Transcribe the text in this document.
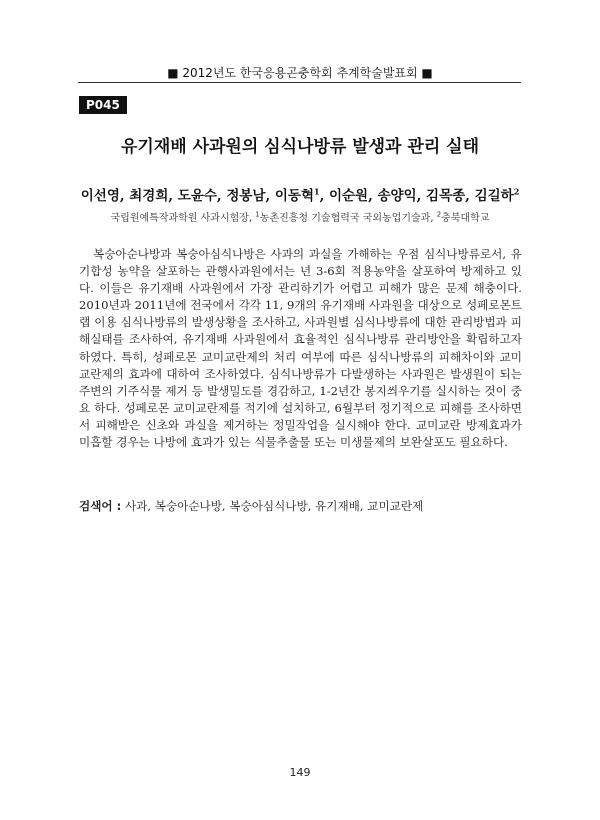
■ 2012년도 한국응용곤충학회 추계학술발표회 ■
P045
유기재배 사과원의 심식나방류 발생과 관리 실태
이선영, 최경희, 도윤수, 정봉남, 이동혁$^1$, 이순원, 송양익, 김목종, 김길하$^2$
국립원예특작과학원 사과시험장, $^1$농촌진흥청 기술협력국 국외농업기술과, $^2$충북대학교
복숭아순나방과 복숭아심식나방은 사과의 과실을 가해하는 우점 심식나방류로서, 유기합성 농약을 살포하는 관행사과원에서는 년 3-6회 적용농약을 살포하여 방제하고 있다. 이들은 유기재배 사과원에서 가장 관리하기가 어렵고 피해가 많은 문제 해충이다. 2010년과 2011년에 전국에서 각각 11, 9개의 유기재배 사과원을 대상으로 성페로몬트랩 이용 심식나방류의 발생상황을 조사하고, 사과원별 심식나방류에 대한 관리방법과 피해실태를 조사하여, 유기재배 사과원에서 효율적인 심식나방류 관리방안을 확립하고자 하였다. 특히, 성페로몬 교미교란제의 처리 여부에 따른 심식나방류의 피해차이와 교미교란제의 효과에 대하여 조사하였다. 심식나방류가 다발생하는 사과원은 발생원이 되는 주변의 기주식물 제거 등 발생밀도를 경감하고, 1-2년간 봉지씌우기를 실시하는 것이 중요 하다. 성페로몬 교미교란제를 적기에 설치하고, 6월부터 정기적으로 피해를 조사하면서 피해받은 신초와 과실을 제거하는 정밀작업을 실시해야 한다. 교미교란 방제효과가 미흡할 경우는 나방에 효과가 있는 식물추출물 또는 미생물제의 보완살포도 필요하다.
검색어 : 사과, 복숭아순나방, 복숭아심식나방, 유기재배, 교미교란제
149
